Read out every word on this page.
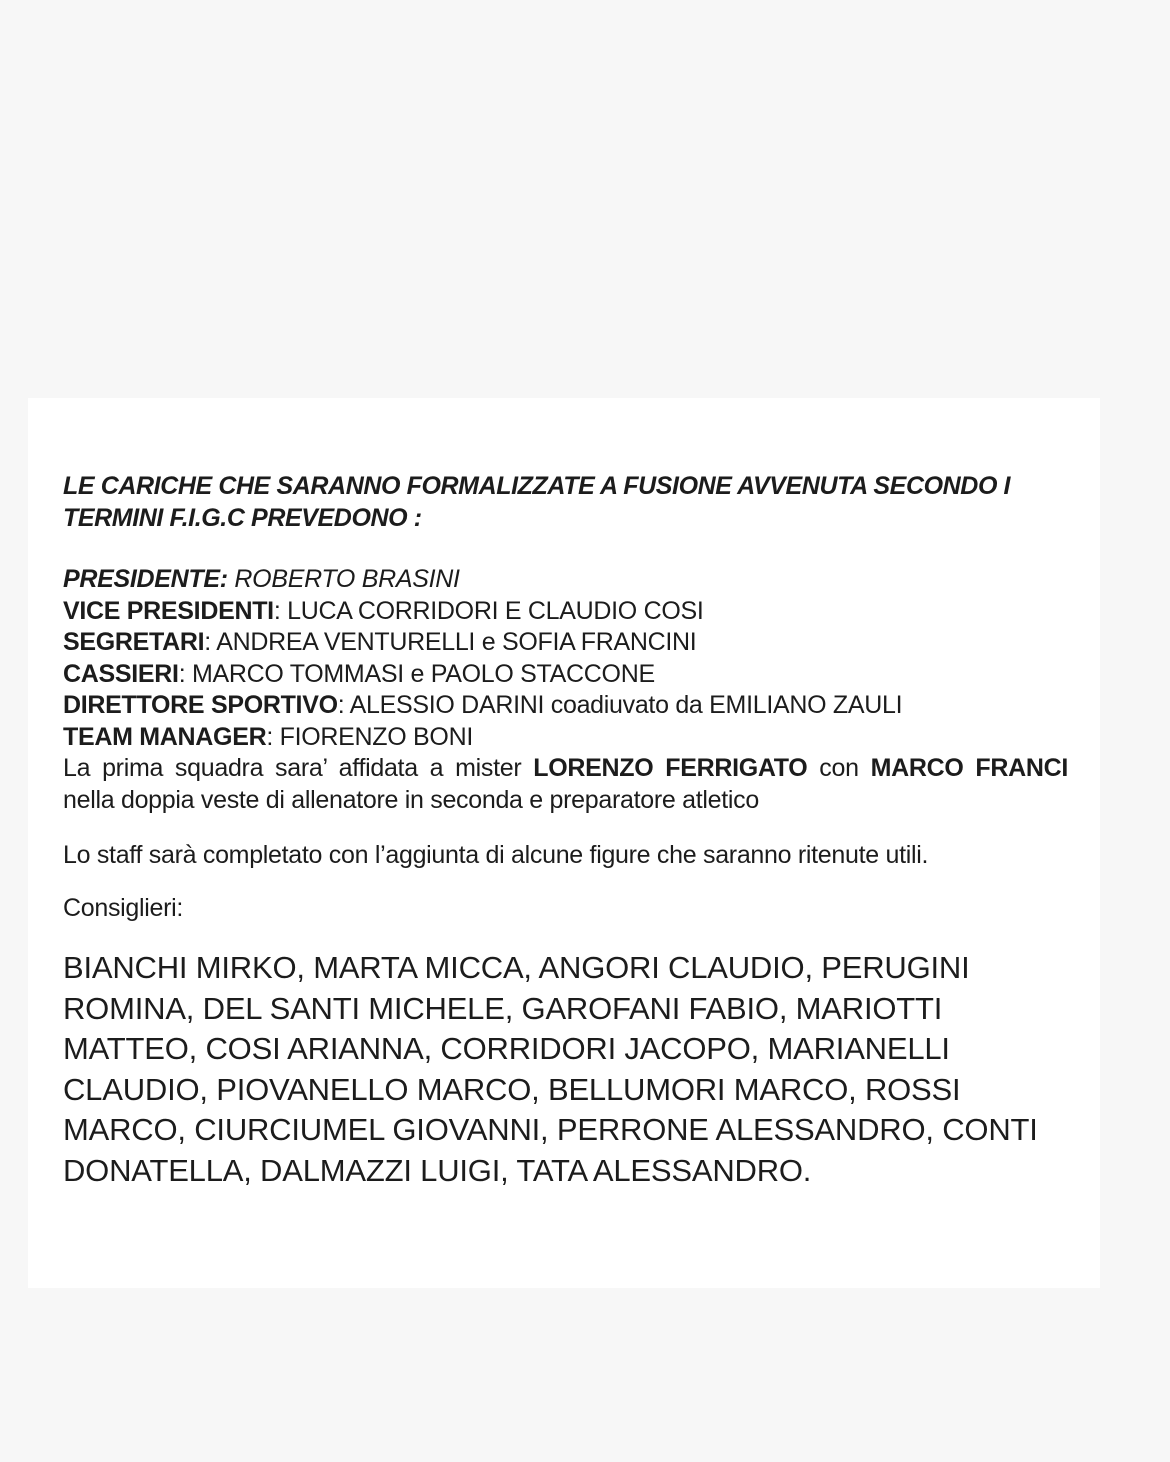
LE CARICHE CHE SARANNO FORMALIZZATE A FUSIONE AVVENUTA SECONDO I TERMINI F.I.G.C PREVEDONO :

PRESIDENTE: ROBERTO BRASINI
VICE PRESIDENTI: LUCA CORRIDORI E CLAUDIO COSI
SEGRETARI: ANDREA VENTURELLI e SOFIA FRANCINI
CASSIERI: MARCO TOMMASI e PAOLO STACCONE
DIRETTORE SPORTIVO: ALESSIO DARINI coadiuvato da EMILIANO ZAULI
TEAM MANAGER: FIORENZO BONI
La prima squadra sara’ affidata a mister LORENZO FERRIGATO con MARCO FRANCI nella doppia veste di allenatore in seconda e preparatore atletico
Lo staff sarà completato con l’aggiunta di alcune figure che saranno ritenute utili.
Consiglieri:
BIANCHI MIRKO, MARTA MICCA, ANGORI CLAUDIO, PERUGINI ROMINA, DEL SANTI MICHELE, GAROFANI FABIO, MARIOTTI MATTEO, COSI ARIANNA, CORRIDORI JACOPO, MARIANELLI CLAUDIO, PIOVANELLO MARCO, BELLUMORI MARCO, ROSSI MARCO, CIURCIUMEL GIOVANNI, PERRONE ALESSANDRO, CONTI DONATELLA, DALMAZZI LUIGI, TATA ALESSANDRO.
